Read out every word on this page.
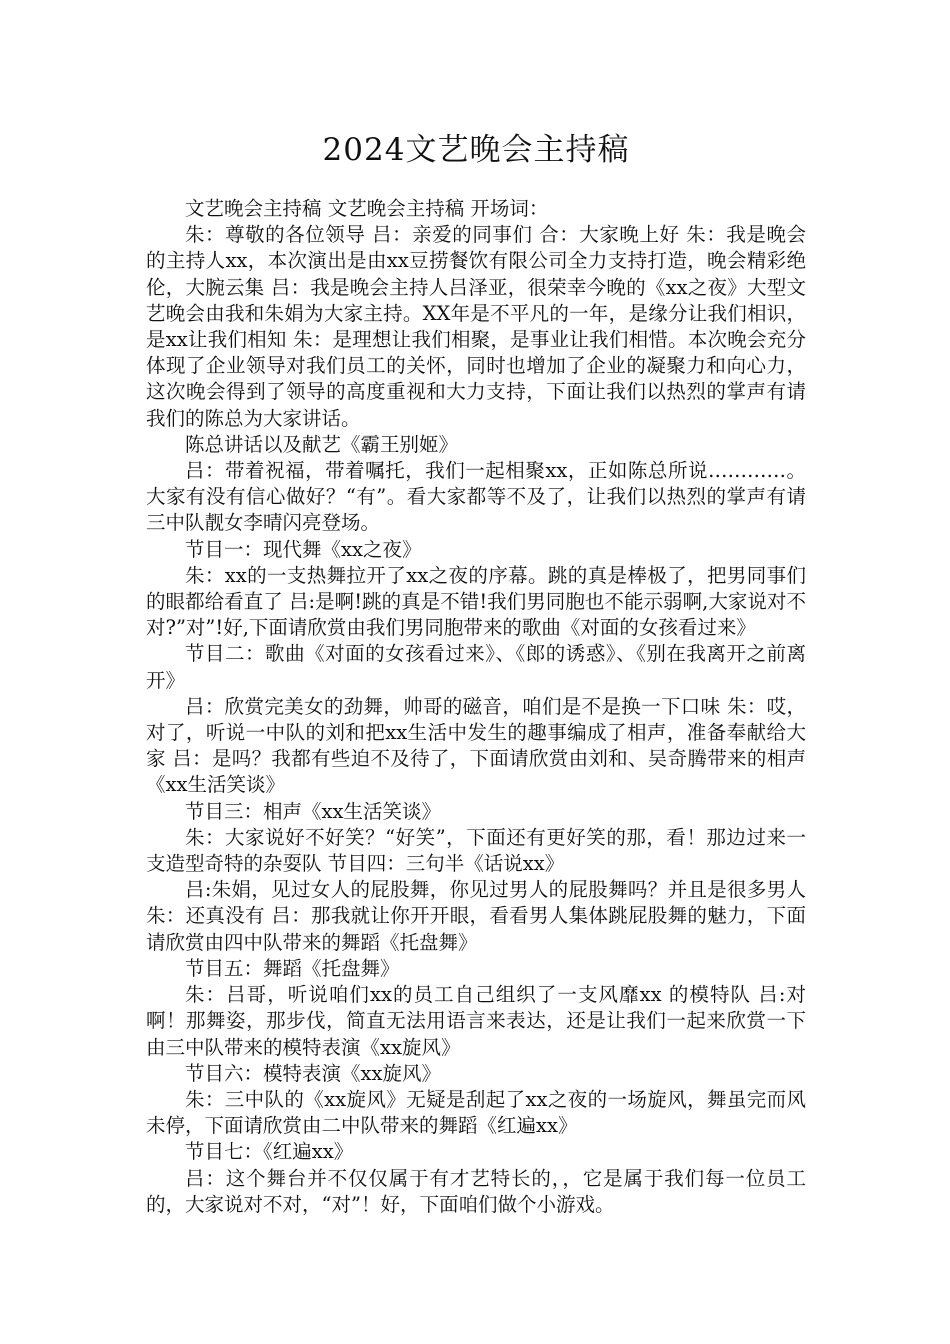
2024文艺晚会主持稿

文艺晚会主持稿 文艺晚会主持稿 开场词：

朱：尊敬的各位领导 吕：亲爱的同事们 合：大家晚上好 朱：我是晚会的主持人xx，本次演出是由xx豆捞餐饮有限公司全力支持打造，晚会精彩绝伦，大腕云集 吕：我是晚会主持人吕泽亚，很荣幸今晚的《xx之夜》大型文艺晚会由我和朱娟为大家主持。XX年是不平凡的一年，是缘分让我们相识，是xx让我们相知 朱：是理想让我们相聚，是事业让我们相惜。本次晚会充分体现了企业领导对我们员工的关怀，同时也增加了企业的凝聚力和向心力，这次晚会得到了领导的高度重视和大力支持，下面让我们以热烈的掌声有请我们的陈总为大家讲话。

陈总讲话以及献艺《霸王别姬》

吕：带着祝福，带着嘱托，我们一起相聚xx，正如陈总所说…………。大家有没有信心做好？“有”。看大家都等不及了，让我们以热烈的掌声有请三中队靓女李晴闪亮登场。

节目一：现代舞《xx之夜》

朱：xx的一支热舞拉开了xx之夜的序幕。跳的真是棒极了，把男同事们的眼都给看直了 吕:是啊!跳的真是不错!我们男同胞也不能示弱啊,大家说对不对?”对”!好,下面请欣赏由我们男同胞带来的歌曲《对面的女孩看过来》

节目二：歌曲《对面的女孩看过来》、《郎的诱惑》、《别在我离开之前离开》

吕：欣赏完美女的劲舞，帅哥的磁音，咱们是不是换一下口味 朱：哎，对了，听说一中队的刘和把xx生活中发生的趣事编成了相声，准备奉献给大家 吕：是吗？我都有些迫不及待了，下面请欣赏由刘和、吴奇腾带来的相声《xx生活笑谈》

节目三：相声《xx生活笑谈》

朱：大家说好不好笑？“好笑”，下面还有更好笑的那，看！那边过来一支造型奇特的杂耍队 节目四：三句半《话说xx》

吕:朱娟，见过女人的屁股舞，你见过男人的屁股舞吗？并且是很多男人 朱：还真没有 吕：那我就让你开开眼，看看男人集体跳屁股舞的魅力，下面请欣赏由四中队带来的舞蹈《托盘舞》

节目五：舞蹈《托盘舞》

朱：吕哥，听说咱们xx的员工自己组织了一支风靡xx 的模特队 吕:对啊！那舞姿，那步伐，简直无法用语言来表达，还是让我们一起来欣赏一下由三中队带来的模特表演《xx旋风》

节目六：模特表演《xx旋风》

朱：三中队的《xx旋风》无疑是刮起了xx之夜的一场旋风，舞虽完而风未停，下面请欣赏由二中队带来的舞蹈《红遍xx》

节目七：《红遍xx》

吕：这个舞台并不仅仅属于有才艺特长的，，它是属于我们每一位员工的，大家说对不对，“对”！好，下面咱们做个小游戏。
